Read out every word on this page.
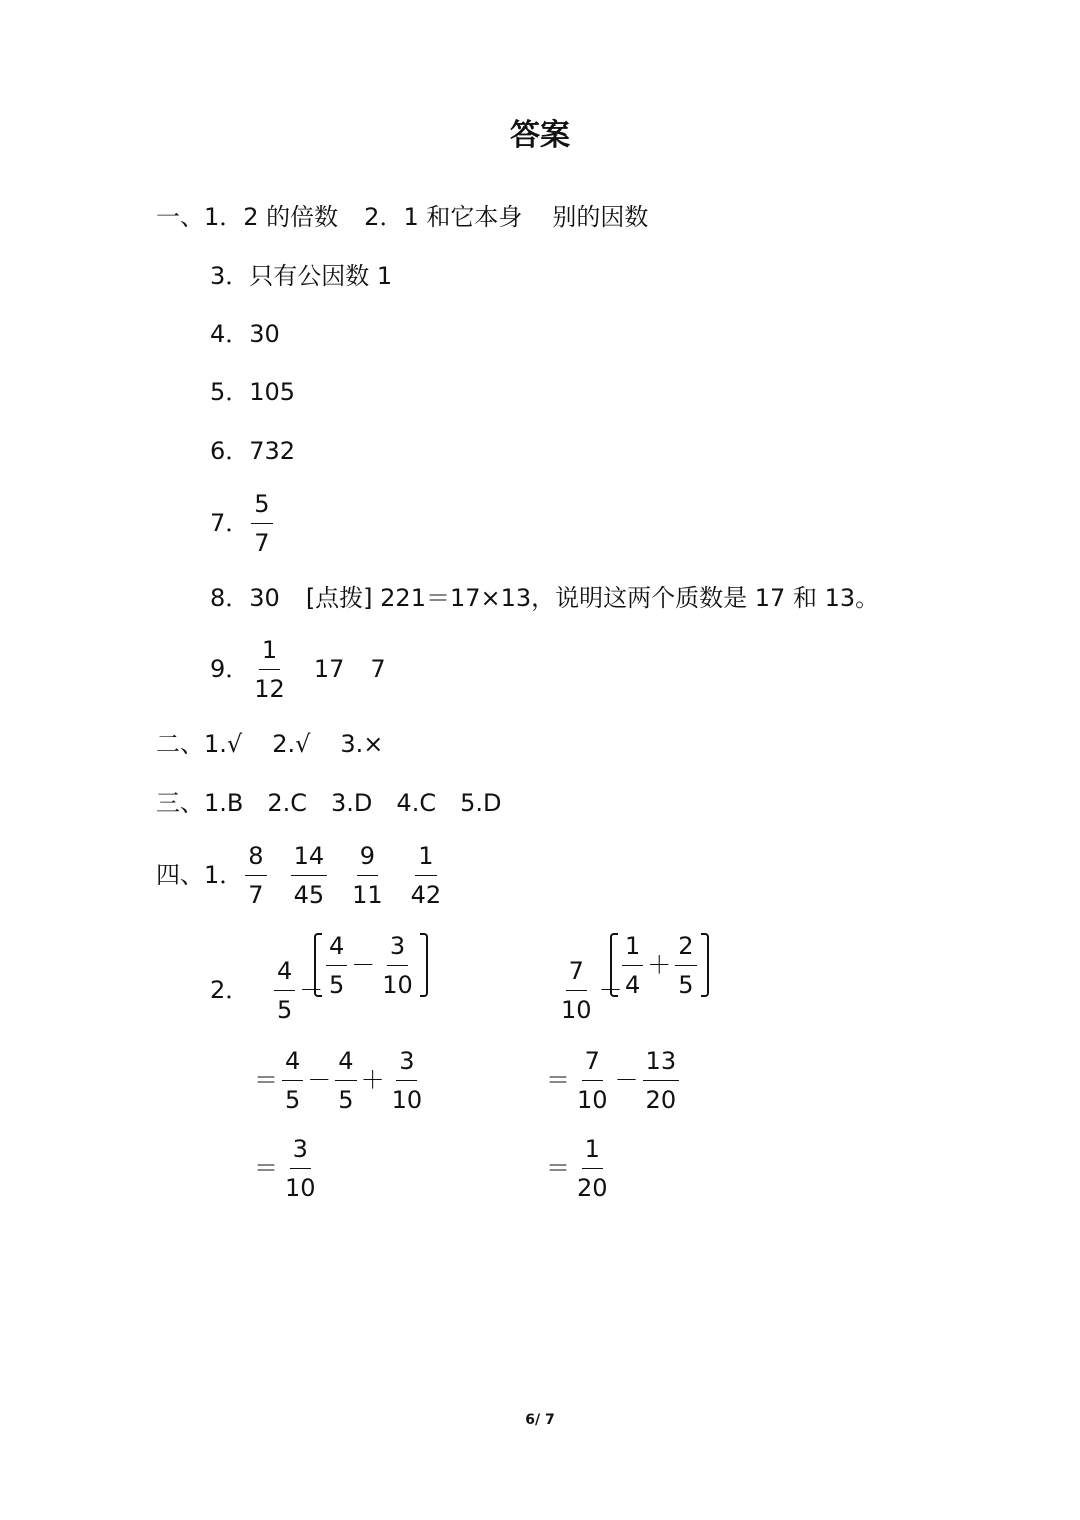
答案
一、 1．2 的倍数 2．1 和它本身 别的因数
3．只有公因数 1
4．30
5．105
6．732
7． $\frac{5}{7}$
8．30 [点拨] 221＝17×13，说明这两个质数是 17 和 13。
9． $\frac{1}{12} 17$ 7
二、 1.√ 2.√ 3.×
三、 1.B 2.C 3.D 4.C 5.D
四、 1． $\frac{8}{7} \frac{14}{45} \frac{9}{11} \frac{1}{42}$
2． $\frac{4}{5} - \frac{4}{5} - \frac{3}{10}$	$\frac{7}{10} - \frac{1}{4} + \frac{2}{5}$
＝ $\frac{4}{5} - \frac{4}{5} + \frac{3}{10}$	＝ $\frac{7}{10} - \frac{13}{20}$
＝ $\frac{3}{10}$	＝ $\frac{1}{20}$
6/ 7
